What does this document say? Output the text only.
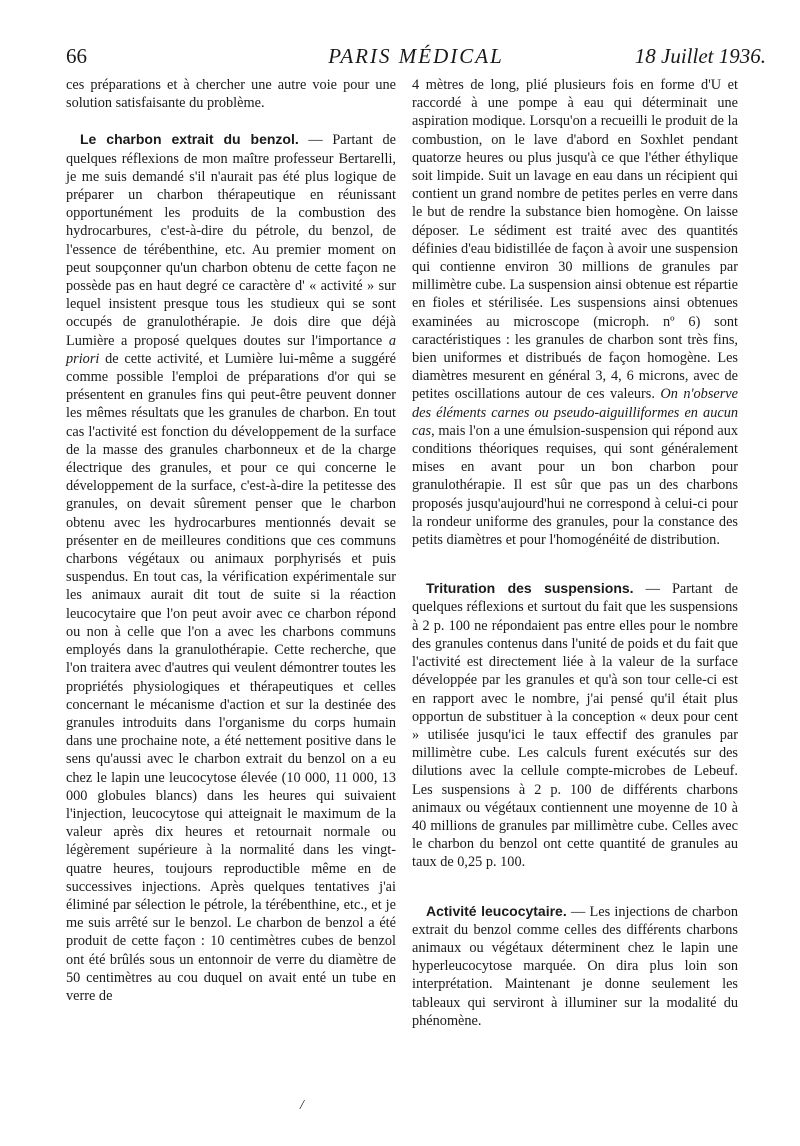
PARIS MÉDICAL
66	18 Juillet 1936.

ces préparations et à chercher une autre voie pour une solution satisfaisante du problème.

Le charbon extrait du benzol. — Partant de quelques réflexions de mon maître professeur Bertarelli, je me suis demandé s'il n'aurait pas été plus logique de préparer un charbon thérapeutique en réunissant opportunément les produits de la combustion des hydrocarbures, c'est-à-dire du pétrole, du benzol, de l'essence de térébenthine, etc. Au premier moment on peut soupçonner qu'un charbon obtenu de cette façon ne possède pas en haut degré ce caractère d' « activité » sur lequel insistent presque tous les studieux qui se sont occupés de granulothérapie. Je dois dire que déjà Lumière a proposé quelques doutes sur l'importance a priori de cette activité, et Lumière lui-même a suggéré comme possible l'emploi de préparations d'or qui se présentent en granules fins qui peut-être peuvent donner les mêmes résultats que les granules de charbon. En tout cas l'activité est fonction du développement de la surface de la masse des granules charbonneux et de la charge électrique des granules, et pour ce qui concerne le développement de la surface, c'est-à-dire la petitesse des granules, on devait sûrement penser que le charbon obtenu avec les hydrocarbures mentionnés devait se présenter en de meilleures conditions que ces communs charbons végétaux ou animaux porphyrisés et puis suspendus. En tout cas, la vérification expérimentale sur les animaux aurait dit tout de suite si la réaction leucocytaire que l'on peut avoir avec ce charbon répond ou non à celle que l'on a avec les charbons communs employés dans la granulothérapie. Cette recherche, que l'on traitera avec d'autres qui veulent démontrer toutes les propriétés physiologiques et thérapeutiques et celles concernant le mécanisme d'action et sur la destinée des granules introduits dans l'organisme du corps humain dans une prochaine note, a été nettement positive dans le sens qu'aussi avec le charbon extrait du benzol on a eu chez le lapin une leucocytose élevée (10 000, 11 000, 13 000 globules blancs) dans les heures qui suivaient l'injection, leucocytose qui atteignait le maximum de la valeur après dix heures et retournait normale ou légèrement supérieure à la normalité dans les vingt-quatre heures, toujours reproductible même en de successives injections. Après quelques tentatives j'ai éliminé par sélection le pétrole, la térébenthine, etc., et je me suis arrêté sur le benzol. Le charbon de benzol a été produit de cette façon : 10 centimètres cubes de benzol ont été brûlés sous un entonnoir de verre du diamètre de 50 centimètres au cou duquel on avait enté un tube en verre de

4 mètres de long, plié plusieurs fois en forme d'U et raccordé à une pompe à eau qui déterminait une aspiration modique. Lorsqu'on a recueilli le produit de la combustion, on le lave d'abord en Soxhlet pendant quatorze heures ou plus jusqu'à ce que l'éther éthylique soit limpide. Suit un lavage en eau dans un récipient qui contient un grand nombre de petites perles en verre dans le but de rendre la substance bien homogène. On laisse déposer. Le sédiment est traité avec des quantités définies d'eau bidistillée de façon à avoir une suspension qui contienne environ 30 millions de granules par millimètre cube. La suspension ainsi obtenue est répartie en fioles et stérilisée. Les suspensions ainsi obtenues examinées au microscope (microph. nº 6) sont caractéristiques : les granules de charbon sont très fins, bien uniformes et distribués de façon homogène. Les diamètres mesurent en général 3, 4, 6 microns, avec de petites oscillations autour de ces valeurs. On n'observe des éléments carnes ou pseudo-aiguilliformes en aucun cas, mais l'on a une émulsion-suspension qui répond aux conditions théoriques requises, qui sont généralement mises en avant pour un bon charbon pour granulothérapie. Il est sûr que pas un des charbons proposés jusqu'aujourd'hui ne correspond à celui-ci pour la rondeur uniforme des granules, pour la constance des petits diamètres et pour l'homogénéité de distribution.

Trituration des suspensions. — Partant de quelques réflexions et surtout du fait que les suspensions à 2 p. 100 ne répondaient pas entre elles pour le nombre des granules contenus dans l'unité de poids et du fait que l'activité est directement liée à la valeur de la surface développée par les granules et qu'à son tour celle-ci est en rapport avec le nombre, j'ai pensé qu'il était plus opportun de substituer à la conception « deux pour cent » utilisée jusqu'ici le taux effectif des granules par millimètre cube. Les calculs furent exécutés sur des dilutions avec la cellule compte-microbes de Lebeuf. Les suspensions à 2 p. 100 de différents charbons animaux ou végétaux contiennent une moyenne de 10 à 40 millions de granules par millimètre cube. Celles avec le charbon du benzol ont cette quantité de granules au taux de 0,25 p. 100.

Activité leucocytaire. — Les injections de charbon extrait du benzol comme celles des différents charbons animaux ou végétaux déterminent chez le lapin une hyperleucocytose marquée. On dira plus loin son interprétation. Maintenant je donne seulement les tableaux qui serviront à illuminer sur la modalité du phénomène.

/
